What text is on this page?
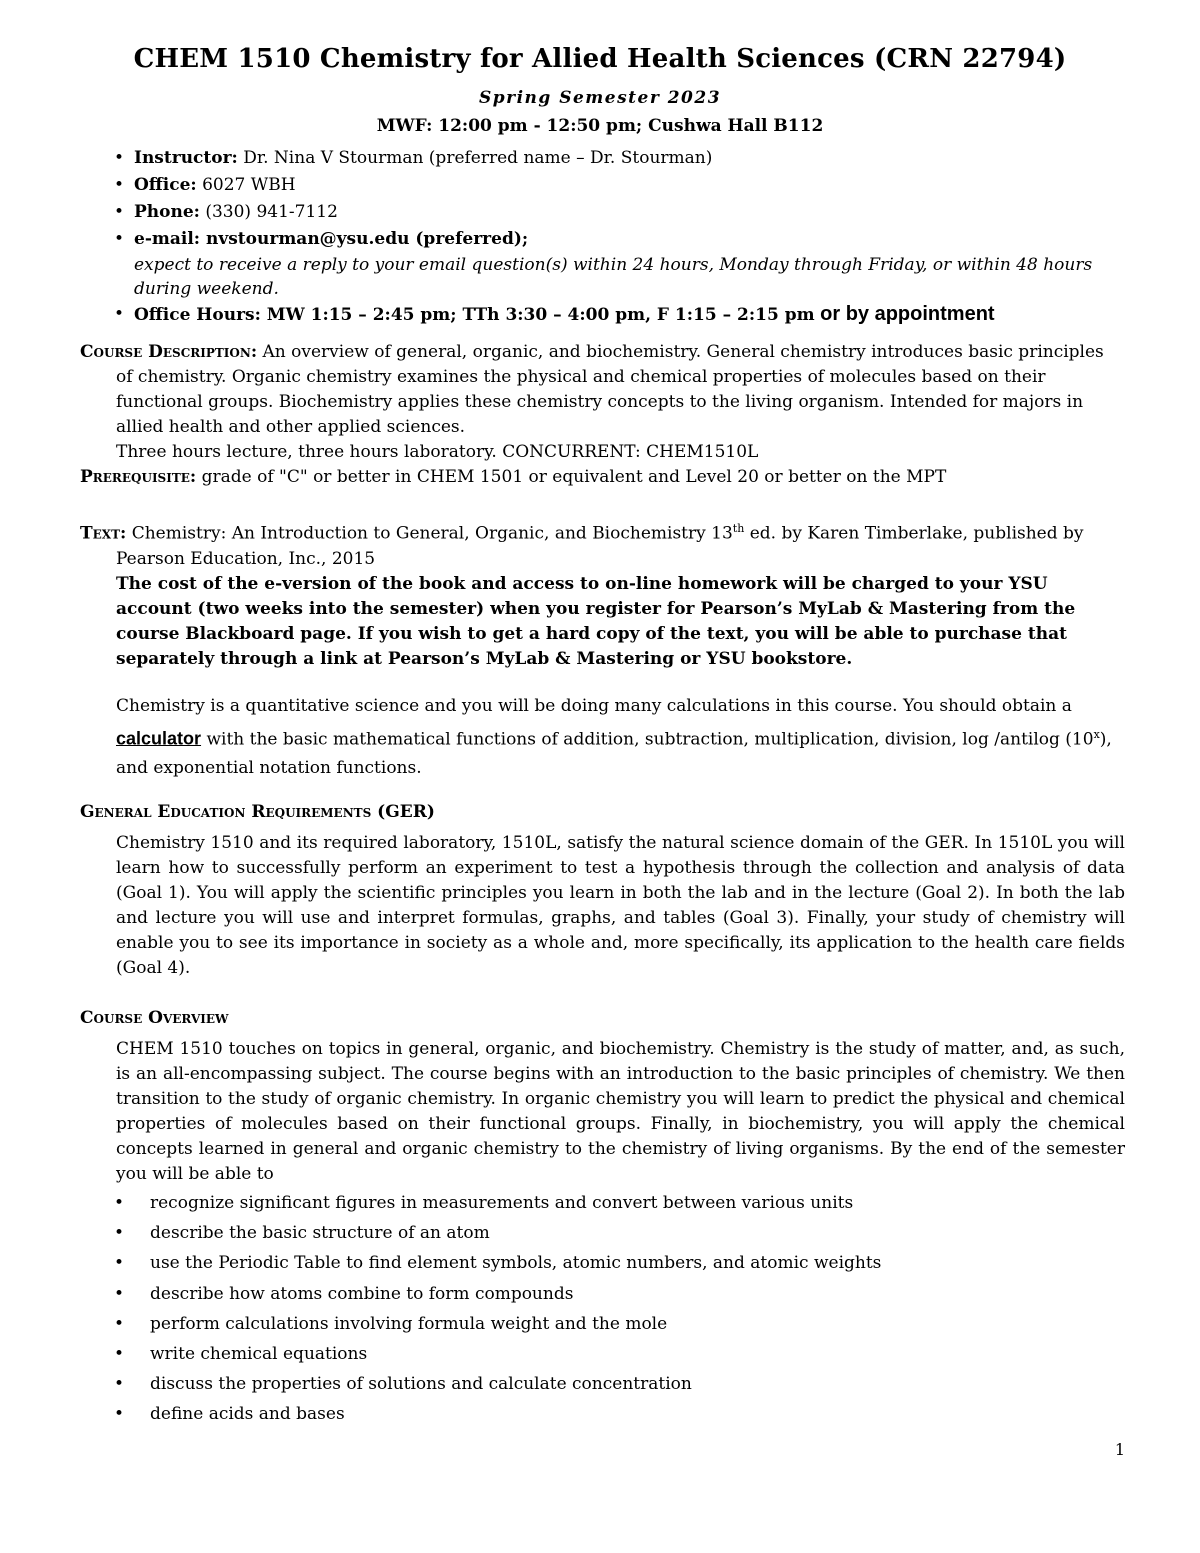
CHEM 1510 Chemistry for Allied Health Sciences (CRN 22794)
Spring Semester 2023
MWF: 12:00 pm - 12:50 pm; Cushwa Hall B112
• Instructor: Dr. Nina V Stourman (preferred name – Dr. Stourman)
• Office: 6027 WBH
• Phone: (330) 941-7112
• e-mail: nvstourman@ysu.edu (preferred);
expect to receive a reply to your email question(s) within 24 hours, Monday through Friday, or within 48 hours during weekend.
• Office Hours: MW 1:15 – 2:45 pm; TTh 3:30 – 4:00 pm, F 1:15 – 2:15 pm or by appointment

Course Description: An overview of general, organic, and biochemistry. General chemistry introduces basic principles of chemistry. Organic chemistry examines the physical and chemical properties of molecules based on their functional groups. Biochemistry applies these chemistry concepts to the living organism. Intended for majors in allied health and other applied sciences.

Three hours lecture, three hours laboratory. CONCURRENT: CHEM1510L

Prerequisite: grade of "C" or better in CHEM 1501 or equivalent and Level 20 or better on the MPT

Text: Chemistry: An Introduction to General, Organic, and Biochemistry 13th ed. by Karen Timberlake, published by Pearson Education, Inc., 2015

The cost of the e-version of the book and access to on-line homework will be charged to your YSU account (two weeks into the semester) when you register for Pearson’s MyLab & Mastering from the course Blackboard page. If you wish to get a hard copy of the text, you will be able to purchase that separately through a link at Pearson’s MyLab & Mastering or YSU bookstore.

Chemistry is a quantitative science and you will be doing many calculations in this course. You should obtain a calculator with the basic mathematical functions of addition, subtraction, multiplication, division, log /antilog (10$^x$), and exponential notation functions.

General Education Requirements (GER)

Chemistry 1510 and its required laboratory, 1510L, satisfy the natural science domain of the GER. In 1510L you will learn how to successfully perform an experiment to test a hypothesis through the collection and analysis of data (Goal 1). You will apply the scientific principles you learn in both the lab and in the lecture (Goal 2). In both the lab and lecture you will use and interpret formulas, graphs, and tables (Goal 3). Finally, your study of chemistry will enable you to see its importance in society as a whole and, more specifically, its application to the health care fields (Goal 4).

Course Overview

CHEM 1510 touches on topics in general, organic, and biochemistry. Chemistry is the study of matter, and, as such, is an all-encompassing subject. The course begins with an introduction to the basic principles of chemistry. We then transition to the study of organic chemistry. In organic chemistry you will learn to predict the physical and chemical properties of molecules based on their functional groups. Finally, in biochemistry, you will apply the chemical concepts learned in general and organic chemistry to the chemistry of living organisms. By the end of the semester you will be able to

• recognize significant figures in measurements and convert between various units
• describe the basic structure of an atom
• use the Periodic Table to find element symbols, atomic numbers, and atomic weights
• describe how atoms combine to form compounds
• perform calculations involving formula weight and the mole
• write chemical equations
• discuss the properties of solutions and calculate concentration
• define acids and bases
1
